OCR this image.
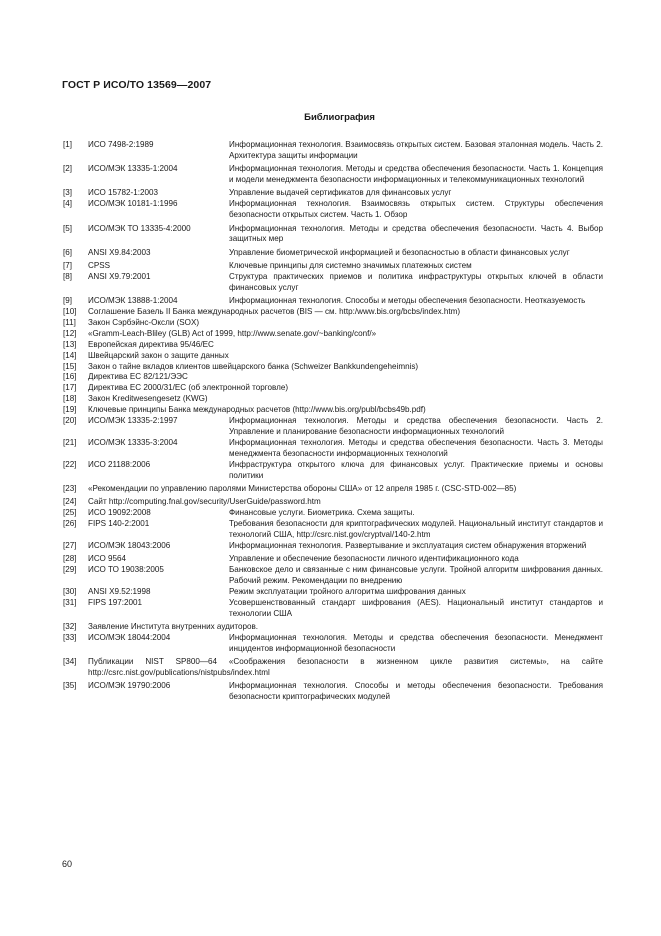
ГОСТ Р ИСО/ТО 13569—2007
Библиография
[1]	ИСО 7498-2:1989	Информационная технология. Взаимосвязь открытых систем. Базовая эталонная модель. Часть 2. Архитектура защиты информации
[2]	ИСО/МЭК 13335-1:2004	Информационная технология. Методы и средства обеспечения безопасности. Часть 1. Концепция и модели менеджмента безопасности информационных и телекоммуникационных технологий
[3]	ИСО 15782-1:2003	Управление выдачей сертификатов для финансовых услуг
[4]	ИСО/МЭК 10181-1:1996	Информационная технология. Взаимосвязь открытых систем. Структуры обеспечения безопасности открытых систем. Часть 1. Обзор
[5]	ИСО/МЭК ТО 13335-4:2000	Информационная технология. Методы и средства обеспечения безопасности. Часть 4. Выбор защитных мер
[6]	ANSI X9.84:2003	Управление биометрической информацией и безопасностью в области финансовых услуг
[7]	CPSS	Ключевые принципы для системно значимых платежных систем
[8]	ANSI X9.79:2001	Структура практических приемов и политика инфраструктуры открытых ключей в области финансовых услуг
[9]	ИСО/МЭК 13888-1:2004	Информационная технология. Способы и методы обеспечения безопасности. Неотказуемость
[10]	Соглашение Базель II Банка международных расчетов (BIS — см. http:/www.bis.org/bcbs/index.htm)
[11]	Закон Сэрбэйнс-Оксли (SOX)
[12]	«Gramm-Leach-Bliley (GLB) Act of 1999, http://www.senate.gov/~banking/conf/»
[13]	Европейская директива 95/46/ЕС
[14]	Швейцарский закон о защите данных
[15]	Закон о тайне вкладов клиентов швейцарского банка (Schweizer Bankkundengeheimnis)
[16]	Директива ЕС 82/121/ЭЭС
[17]	Директива ЕС 2000/31/ЕС (об электронной торговле)
[18]	Закон Kreditwesengesetz (KWG)
[19]	Ключевые принципы Банка международных расчетов (http://www.bis.org/publ/bcbs49b.pdf)
[20]	ИСО/МЭК 13335-2:1997	Информационная технология. Методы и средства обеспечения безопасности. Часть 2. Управление и планирование безопасности информационных технологий
[21]	ИСО/МЭК 13335-3:2004	Информационная технология. Методы и средства обеспечения безопасности. Часть 3. Методы менеджмента безопасности информационных технологий
[22]	ИСО 21188:2006	Инфраструктура открытого ключа для финансовых услуг. Практические приемы и основы политики
[23]	«Рекомендации по управлению паролями Министерства обороны США» от 12 апреля 1985 г. (CSC-STD-002—85)
[24]	Сайт http://computing.fnal.gov/security/UserGuide/password.htm
[25]	ИСО 19092:2008	Финансовые услуги. Биометрика. Схема защиты.
[26]	FIPS 140-2:2001	Требования безопасности для криптографических модулей. Национальный институт стандартов и технологий США, http://csrc.nist.gov/cryptval/140-2.htm
[27]	ИСО/МЭК 18043:2006	Информационная технология. Развертывание и эксплуатация систем обнаружения вторжений
[28]	ИСО 9564	Управление и обеспечение безопасности личного идентификационного кода
[29]	ИСО ТО 19038:2005	Банковское дело и связанные с ним финансовые услуги. Тройной алгоритм шифрования данных. Рабочий режим. Рекомендации по внедрению
[30]	ANSI X9.52:1998	Режим эксплуатации тройного алгоритма шифрования данных
[31]	FIPS 197:2001	Усовершенствованный стандарт шифрования (AES). Национальный институт стандартов и технологии США
[32]	Заявление Института внутренних аудиторов.
[33]	ИСО/МЭК 18044:2004	Информационная технология. Методы и средства обеспечения безопасности. Менеджмент инцидентов информационной безопасности
[34]	Публикации NIST SP800—64 «Соображения безопасности в жизненном цикле развития системы», на сайте http://csrc.nist.gov/publications/nistpubs/index.html
[35]	ИСО/МЭК 19790:2006	Информационная технология. Способы и методы обеспечения безопасности. Требования безопасности криптографических модулей
60
